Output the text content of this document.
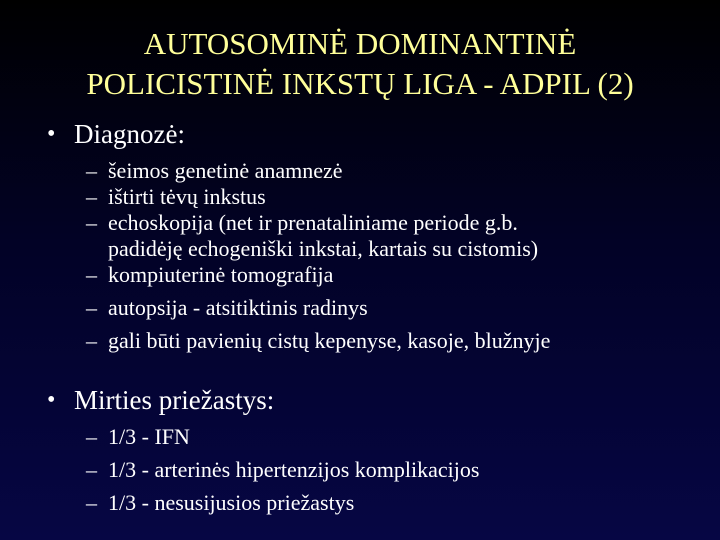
AUTOSOMINĖ DOMINANTINĖ
POLICISTINĖ INKSTŲ LIGA - ADPIL (2)
• Diagnozė:
– šeimos genetinė anamnezė
– ištirti tėvų inkstus
– echoskopija (net ir prenataliniame periode g.b.
padidėję echogeniški inkstai, kartais su cistomis)
– kompiuterinė tomografija
– autopsija - atsitiktinis radinys
– gali būti pavienių cistų kepenyse, kasoje, blužnyje
• Mirties priežastys:
– 1/3 - IFN
– 1/3 - arterinės hipertenzijos komplikacijos
– 1/3 - nesusijusios priežastys
